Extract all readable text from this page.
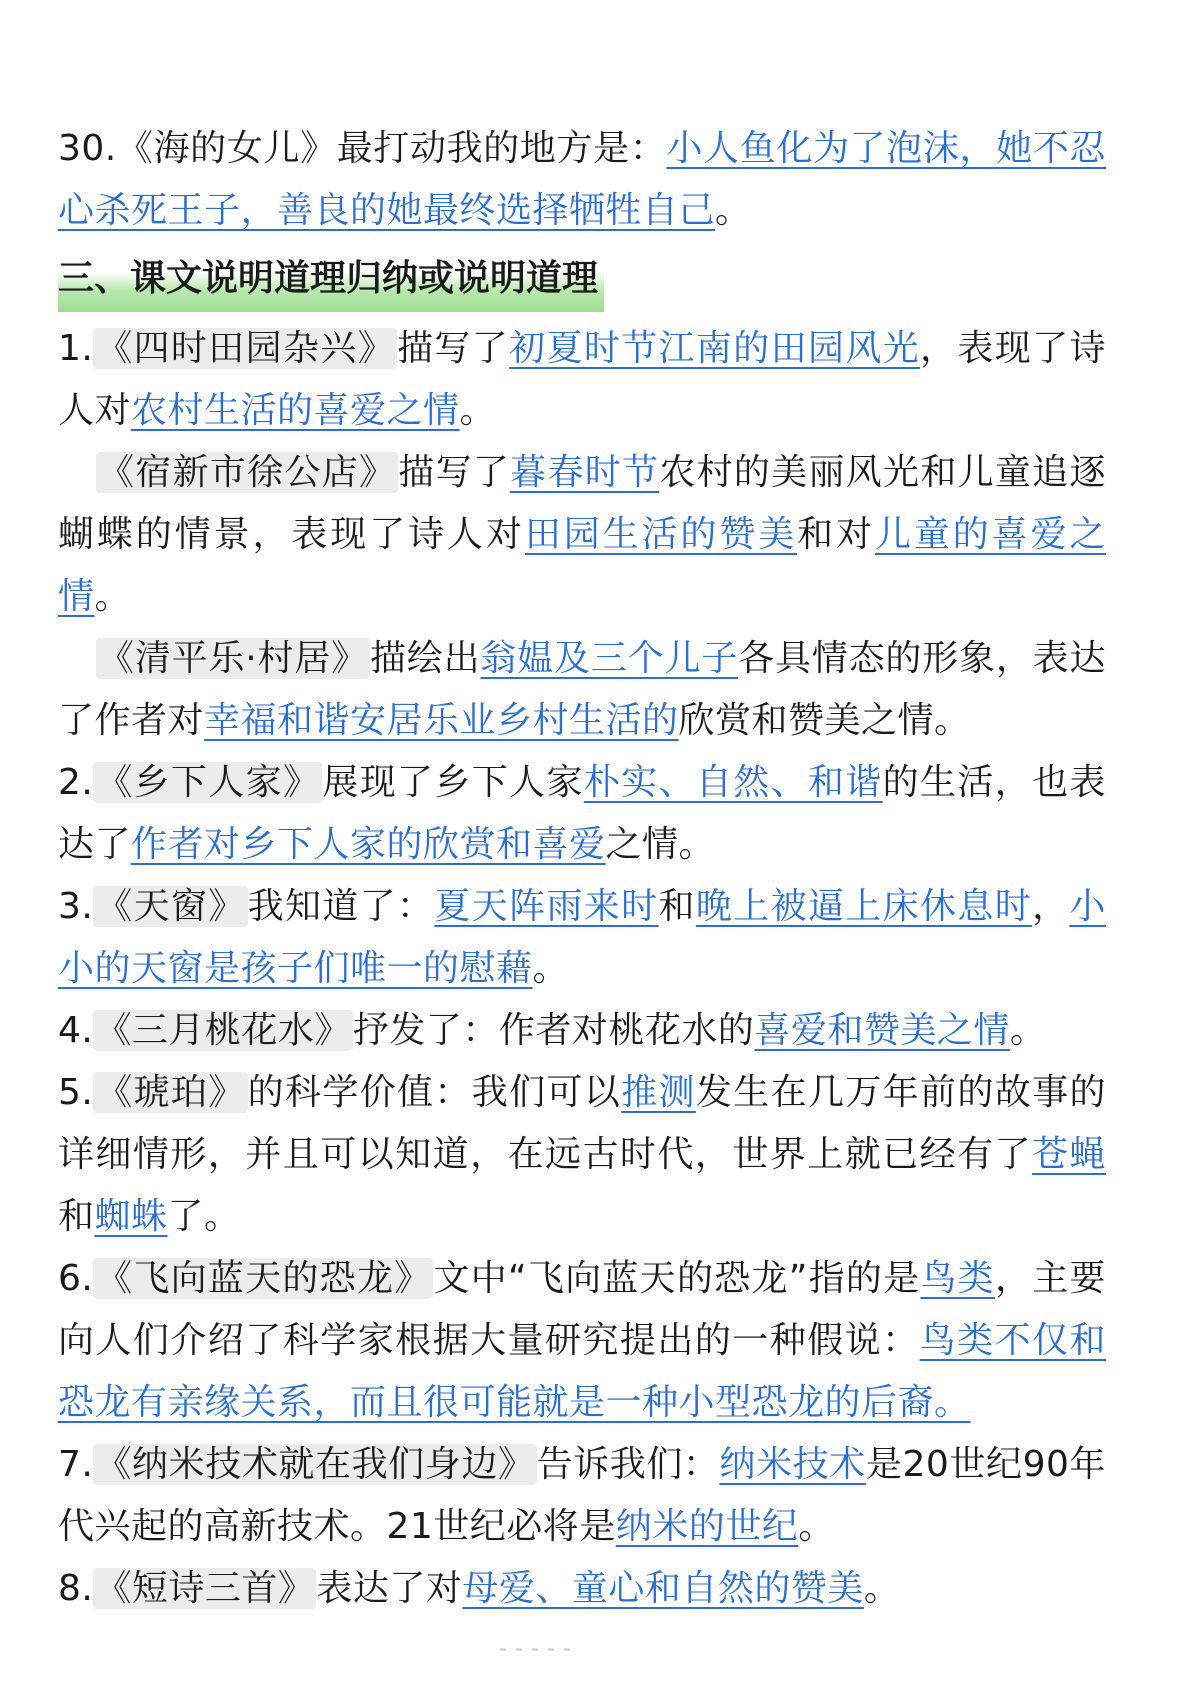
30.《海的女儿》最打动我的地方是：小人鱼化为了泡沫，她不忍心杀死王子，善良的她最终选择牺牲自己。

三、课文说明道理归纳或说明道理

1.《四时田园杂兴》描写了初夏时节江南的田园风光，表现了诗人对农村生活的喜爱之情。

《宿新市徐公店》描写了暮春时节农村的美丽风光和儿童追逐蝴蝶的情景，表现了诗人对田园生活的赞美和对儿童的喜爱之情。

《清平乐·村居》描绘出翁媪及三个儿子各具情态的形象，表达了作者对幸福和谐安居乐业乡村生活的欣赏和赞美之情。

2.《乡下人家》展现了乡下人家朴实、自然、和谐的生活，也表达了作者对乡下人家的欣赏和喜爱之情。

3.《天窗》我知道了：夏天阵雨来时和晚上被逼上床休息时，小小的天窗是孩子们唯一的慰藉。

4.《三月桃花水》抒发了：作者对桃花水的喜爱和赞美之情。

5.《琥珀》的科学价值：我们可以推测发生在几万年前的故事的详细情形，并且可以知道，在远古时代，世界上就已经有了苍蝇和蜘蛛了。

6.《飞向蓝天的恐龙》文中“飞向蓝天的恐龙”指的是鸟类，主要向人们介绍了科学家根据大量研究提出的一种假说：鸟类不仅和恐龙有亲缘关系，而且很可能就是一种小型恐龙的后裔。

7.《纳米技术就在我们身边》告诉我们：纳米技术是20世纪90年代兴起的高新技术。21世纪必将是纳米的世纪。

8.《短诗三首》表达了对母爱、童心和自然的赞美。
